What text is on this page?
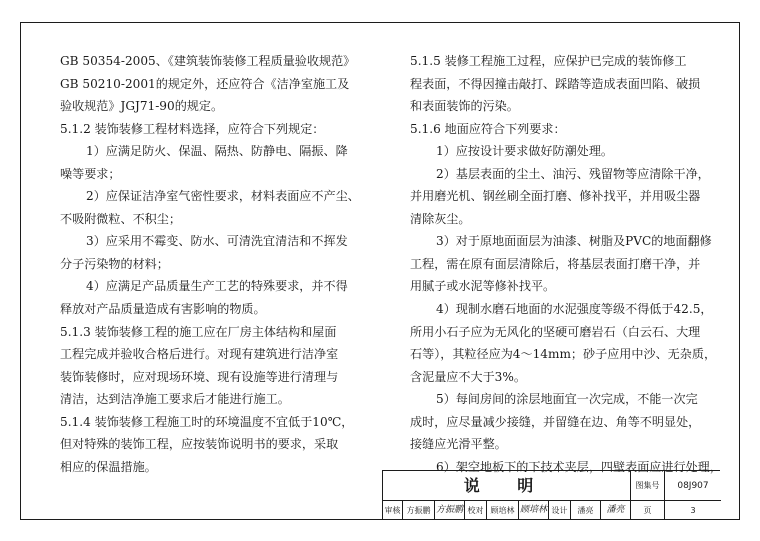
GB 50354-2005、《建筑装饰装修工程质量验收规范》

GB 50210-2001的规定外，还应符合《洁净室施工及

验收规范》JGJ71-90的规定。

5.1.2 装饰装修工程材料选择，应符合下列规定：

1）应满足防火、保温、隔热、防静电、隔振、降

噪等要求；

2）应保证洁净室气密性要求，材料表面应不产尘、

不吸附微粒、不积尘；

3）应采用不霉变、防水、可清洗宜清洁和不挥发

分子污染物的材料；

4）应满足产品质量生产工艺的特殊要求，并不得

释放对产品质量造成有害影响的物质。

5.1.3 装饰装修工程的施工应在厂房主体结构和屋面

工程完成并验收合格后进行。对现有建筑进行洁净室

装饰装修时，应对现场环境、现有设施等进行清理与

清洁，达到洁净施工要求后才能进行施工。

5.1.4 装饰装修工程施工时的环境温度不宜低于10℃，

但对特殊的装饰工程，应按装饰说明书的要求，采取

相应的保温措施。

5.1.5 装修工程施工过程，应保护已完成的装饰修工

程表面，不得因撞击敲打、踩踏等造成表面凹陷、破损

和表面装饰的污染。

5.1.6 地面应符合下列要求：

1）应按设计要求做好防潮处理。

2）基层表面的尘土、油污、残留物等应清除干净，

并用磨光机、钢丝刷全面打磨、修补找平，并用吸尘器

清除灰尘。

3）对于原地面面层为油漆、树脂及PVC的地面翻修

工程，需在原有面层清除后，将基层表面打磨干净，并

用腻子或水泥等修补找平。

4）现制水磨石地面的水泥强度等级不得低于42.5，

所用小石子应为无风化的坚硬可磨岩石（白云石、大理

石等），其粒径应为4～14mm；砂子应用中沙、无杂质，

含泥量应不大于3%。

5）每间房间的涂层地面宜一次完成，不能一次完

成时，应尽量减少接缝，并留缝在边、角等不明显处，

接缝应光滑平整。

6）架空地板下的下技术夹层，四壁表面应进行处理，

说 明	图集号	08J907
审核 方振鹏 方振鹏 校对 顾培林 顾培林 设计	潘亮	潘亮	页	3
